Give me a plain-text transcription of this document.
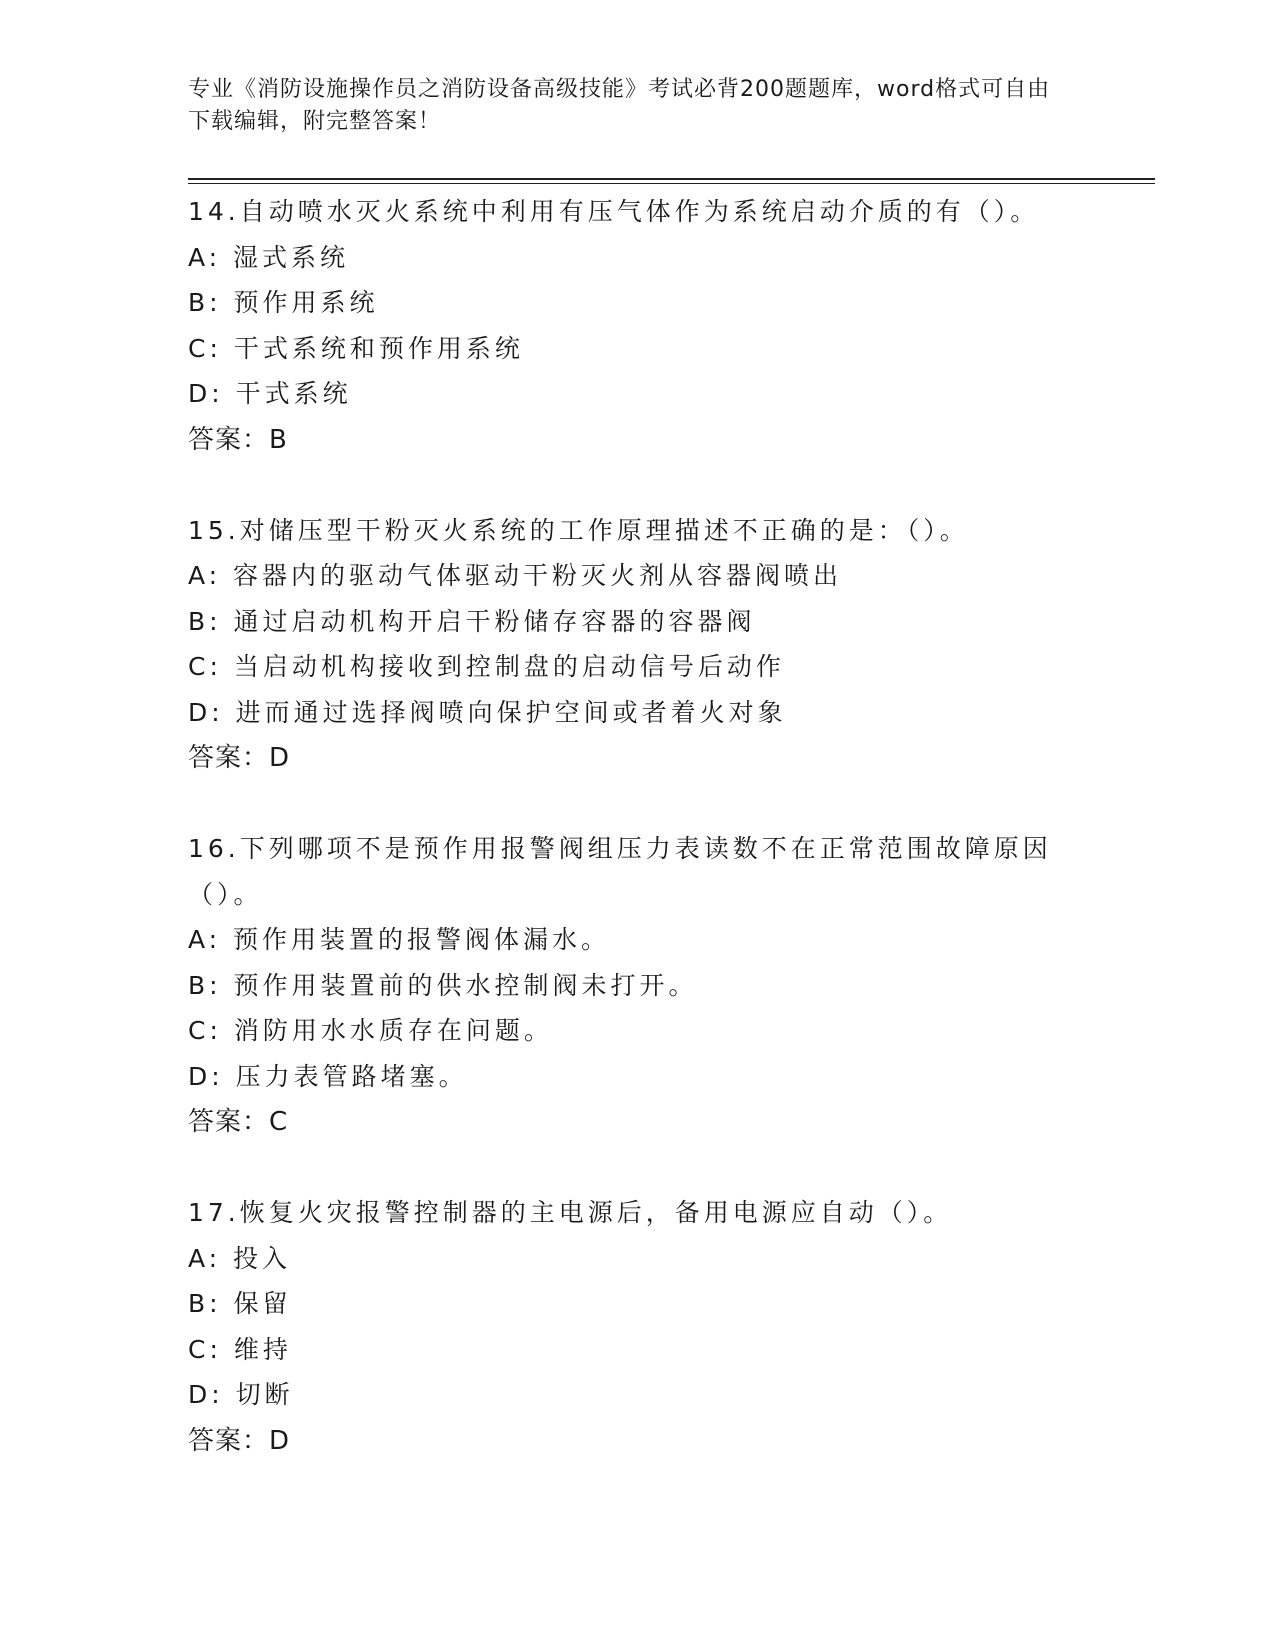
专业《消防设施操作员之消防设备高级技能》考试必背200题题库，word格式可自由下载编辑，附完整答案！
14.自动喷水灭火系统中利用有压气体作为系统启动介质的有（）。
A: 湿式系统
B: 预作用系统
C: 干式系统和预作用系统
D: 干式系统
答案：B
15.对储压型干粉灭火系统的工作原理描述不正确的是：（）。
A: 容器内的驱动气体驱动干粉灭火剂从容器阀喷出
B: 通过启动机构开启干粉储存容器的容器阀
C: 当启动机构接收到控制盘的启动信号后动作
D: 进而通过选择阀喷向保护空间或者着火对象
答案：D
16.下列哪项不是预作用报警阀组压力表读数不在正常范围故障原因（）。
A: 预作用装置的报警阀体漏水。
B: 预作用装置前的供水控制阀未打开。
C: 消防用水水质存在问题。
D: 压力表管路堵塞。
答案：C
17.恢复火灾报警控制器的主电源后，备用电源应自动（）。
A: 投入
B: 保留
C: 维持
D: 切断
答案：D
